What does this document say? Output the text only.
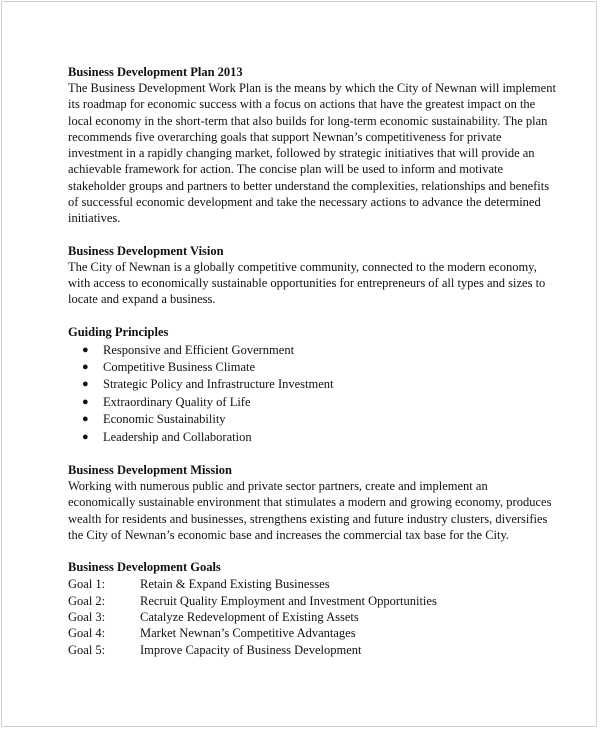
Business Development Plan 2013

The Business Development Work Plan is the means by which the City of Newnan will implement its roadmap for economic success with a focus on actions that have the greatest impact on the local economy in the short-term that also builds for long-term economic sustainability. The plan recommends five overarching goals that support Newnan’s competitiveness for private investment in a rapidly changing market, followed by strategic initiatives that will provide an achievable framework for action. The concise plan will be used to inform and motivate stakeholder groups and partners to better understand the complexities, relationships and benefits of successful economic development and take the necessary actions to advance the determined initiatives.

Business Development Vision

The City of Newnan is a globally competitive community, connected to the modern economy, with access to economically sustainable opportunities for entrepreneurs of all types and sizes to locate and expand a business.

Guiding Principles
● Responsive and Efficient Government
● Competitive Business Climate
● Strategic Policy and Infrastructure Investment
● Extraordinary Quality of Life
● Economic Sustainability
● Leadership and Collaboration
Business Development Mission

Working with numerous public and private sector partners, create and implement an economically sustainable environment that stimulates a modern and growing economy, produces wealth for residents and businesses, strengthens existing and future industry clusters, diversifies the City of Newnan’s economic base and increases the commercial tax base for the City.

Business Development Goals
Goal 1:	Retain & Expand Existing Businesses
Goal 2:	Recruit Quality Employment and Investment Opportunities
Goal 3:	Catalyze Redevelopment of Existing Assets
Goal 4:	Market Newnan’s Competitive Advantages
Goal 5:	Improve Capacity of Business Development
